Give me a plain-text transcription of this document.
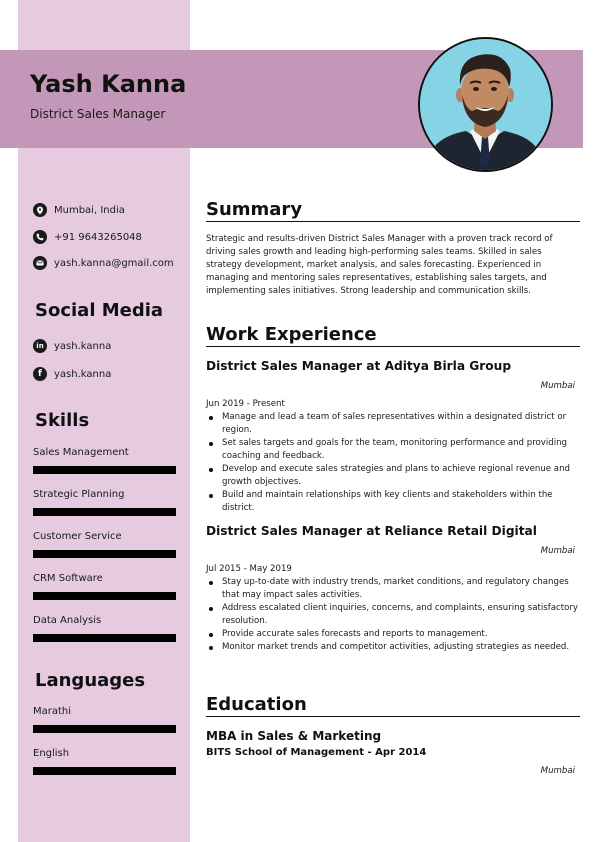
Yash Kanna
District Sales Manager
Mumbai, India
+91 9643265048
yash.kanna@gmail.com
Social Media
in yash.kanna
f yash.kanna
Skills
Sales Management
Strategic Planning
Customer Service
CRM Software
Data Analysis
Languages
Marathi
English
Summary
Strategic and results-driven District Sales Manager with a proven track record of driving sales growth and leading high-performing sales teams. Skilled in sales strategy development, market analysis, and sales forecasting. Experienced in managing and mentoring sales representatives, establishing sales targets, and implementing sales initiatives. Strong leadership and communication skills.
Work Experience
District Sales Manager at Aditya Birla Group
Mumbai
Jun 2019 - Present
Manage and lead a team of sales representatives within a designated district or region.
Set sales targets and goals for the team, monitoring performance and providing coaching and feedback.
Develop and execute sales strategies and plans to achieve regional revenue and growth objectives.
Build and maintain relationships with key clients and stakeholders within the district.
District Sales Manager at Reliance Retail Digital
Mumbai
Jul 2015 - May 2019
Stay up-to-date with industry trends, market conditions, and regulatory changes that may impact sales activities.
Address escalated client inquiries, concerns, and complaints, ensuring satisfactory resolution.
Provide accurate sales forecasts and reports to management.
Monitor market trends and competitor activities, adjusting strategies as needed.
Education
MBA in Sales & Marketing
BITS School of Management - Apr 2014
Mumbai
